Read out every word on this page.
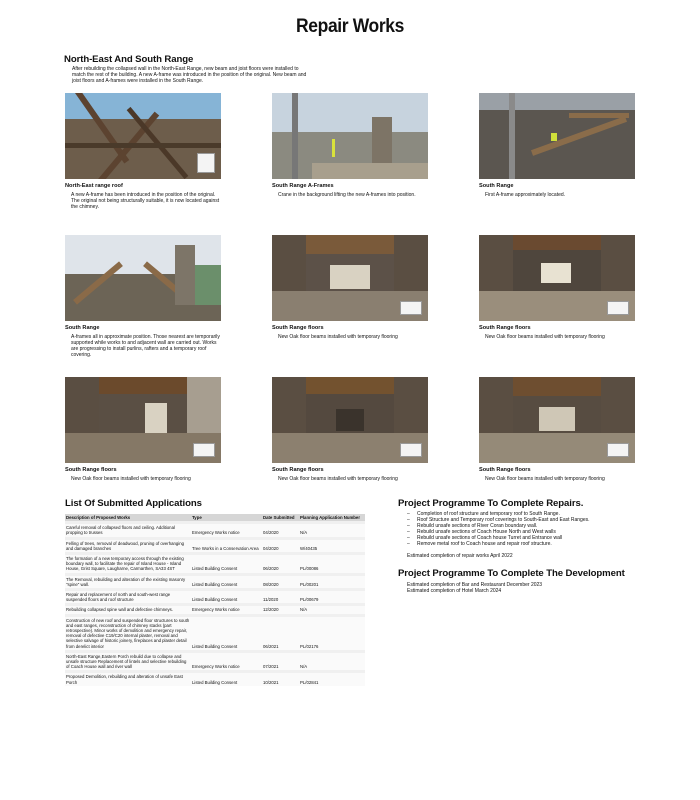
Repair Works
North-East And South Range
After rebuilding the collapsed wall in the North-East Range, new beam and joist floors were installed to match the rest of the building. A new A-frame was introduced in the position of the original. New beam and joist floors and A-frames were installed in the South Range.
North-East range roof
A new A-frame has been introduced in the position of the original. The original not being structurally suitable, it is now located against the chimney.
South Range A-Frames
Crane in the background lifting the new A-frames into position.
South Range
First A-frame approximately located.
South Range
A-frames all in approximate position. Those nearest are temporarily supported while works to and adjacent wall are carried out. Works are progressing to install purlins, rafters and a temporary roof covering.
South Range floors
New Oak floor beams installed with temporary flooring
South Range floors
New Oak floor beams installed with temporary flooring
South Range floors
New Oak floor beams installed with temporary flooring
South Range floors
New Oak floor beams installed with temporary flooring
South Range floors
New Oak floor beams installed with temporary flooring
List Of Submitted Applications
Description of Proposed Works	Type	Date Submitted	Planning Application Number
Careful removal of collapsed floors and ceiling. Additional propping to trusses	Emergency Works notice	04/2020	N/A
Felling of trees, removal of deadwood, pruning of overhanging and damaged branches	Tree Works in a Conservation Area	04/2020	W/40435
The formation of a new temporary access through the existing boundary wall, to facilitate the repair of Island House - Island House, Grist Square, Laugharne, Carmarthen, SA33 4ST	Listed Building Consent	06/2020	PL/00086
The Removal, rebuilding and alteration of the existing masonry "spine" wall.	Listed Building Consent	08/2020	PL/00201
Repair and replacement of north and south-west range suspended floors and roof structure	Listed Building Consent	11/2020	PL/00679
Rebuilding collapsed spine wall and defective chimneys.	Emergency Works notice	12/2020	N/A
Construction of new roof and suspended floor structures to south and east ranges, reconstruction of chimney stacks (part retrospective). Minor works of demolition and emergency repair, removal of defective C19/C20 internal plaster, removal and selective salvage of historic joinery, fireplaces and plaster detail from derelict interior	Listed Building Consent	06/2021	PL/02176
North-East Range,Eastern Porch rebuild due to collapse and unsafe structure Replacement of lintels and selective rebuilding of Coach House wall and river wall	Emergency Works notice	07/2021	N/A
Proposed Demolition, rebuilding and alteration of unsafe East Porch	Listed Building Consent	10/2021	PL/02841
Project Programme To Complete Repairs.
– Completion of roof structure and temporary roof to South Range.
– Roof Structure and Temporary roof coverings to South-East and East Ranges.
– Rebuild unsafe sections of River Coran boundary wall.
– Rebuild unsafe sections of Coach House North and West walls
– Rebuild unsafe sections of Coach house Turret and Entrance wall
– Remove metal roof to Coach house and repair roof structure.
Estimated completion of repair works April 2022
Project Programme To Complete The Development
Estimated completion of Bar and Restaurant December 2023
Estimated completion of Hotel March 2024
